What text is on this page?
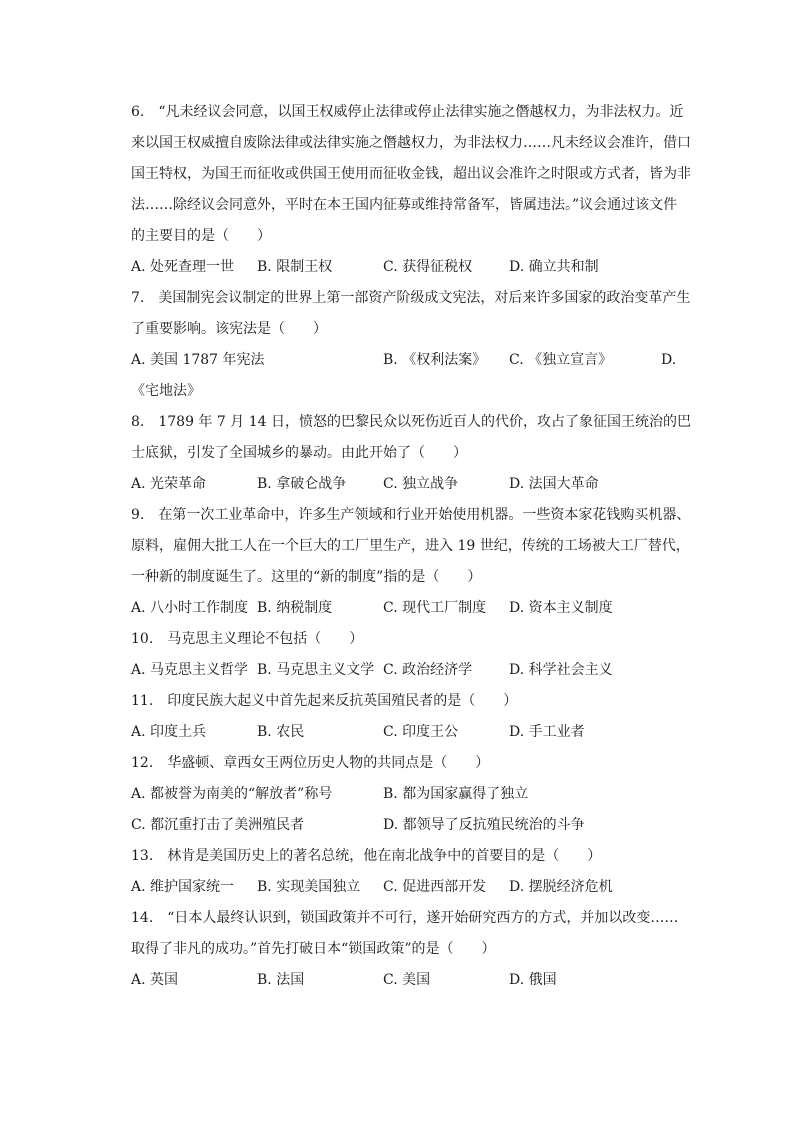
6.　“凡未经议会同意，以国王权威停止法律或停止法律实施之僭越权力，为非法权力。近来以国王权威擅自废除法律或法律实施之僭越权力，为非法权力……凡未经议会准许，借口国王特权，为国王而征收或供国王使用而征收金钱，超出议会准许之时限或方式者，皆为非法……除经议会同意外，平时在本王国内征募或维持常备军，皆属违法。”议会通过该文件的主要目的是（　　）

A. 处死查理一世	B. 限制王权	C. 获得征税权	D. 确立共和制

7.　美国制宪会议制定的世界上第一部资产阶级成文宪法，对后来许多国家的政治变革产生了重要影响。该宪法是（　　）

A. 美国 1787 年宪法	B. 《权利法案》 C. 《独立宣言》	D.

《宅地法》

8.　1789 年 7 月 14 日，愤怒的巴黎民众以死伤近百人的代价，攻占了象征国王统治的巴士底狱，引发了全国城乡的暴动。由此开始了（　　）

A. 光荣革命	B. 拿破仑战争	C. 独立战争	D. 法国大革命

9.　在第一次工业革命中，许多生产领域和行业开始使用机器。一些资本家花钱购买机器、原料，雇佣大批工人在一个巨大的工厂里生产，进入 19 世纪，传统的工场被大工厂替代，一种新的制度诞生了。这里的“新的制度”指的是（　　）

A. 八小时工作制度 B. 纳税制度	C. 现代工厂制度	D. 资本主义制度

10.　马克思主义理论不包括（　　）

A. 马克思主义哲学 B. 马克思主义文学 C. 政治经济学	D. 科学社会主义

11.　印度民族大起义中首先起来反抗英国殖民者的是（　　）

A. 印度土兵	B. 农民	C. 印度王公	D. 手工业者

12.　华盛顿、章西女王两位历史人物的共同点是（　　）

A. 都被誉为南美的“解放者”称号	B. 都为国家赢得了独立
C. 都沉重打击了美洲殖民者	D. 都领导了反抗殖民统治的斗争

13.　林肯是美国历史上的著名总统，他在南北战争中的首要目的是（　　）

A. 维护国家统一	B. 实现美国独立	C. 促进西部开发	D. 摆脱经济危机

14.　“日本人最终认识到，锁国政策并不可行，遂开始研究西方的方式，并加以改变……取得了非凡的成功。”首先打破日本“锁国政策”的是（　　）

A. 英国	B. 法国	C. 美国	D. 俄国
